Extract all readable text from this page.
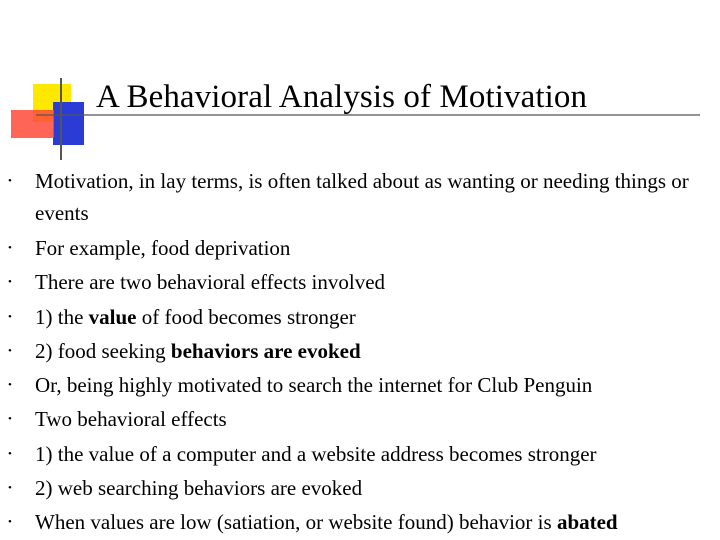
A Behavioral Analysis of Motivation
• Motivation, in lay terms, is often talked about as wanting or needing things or events
• For example, food deprivation
• There are two behavioral effects involved
• 1) the value of food becomes stronger
• 2) food seeking behaviors are evoked
• Or, being highly motivated to search the internet for Club Penguin
• Two behavioral effects
• 1) the value of a computer and a website address becomes stronger
• 2) web searching behaviors are evoked
• When values are low (satiation, or website found) behavior is abated
